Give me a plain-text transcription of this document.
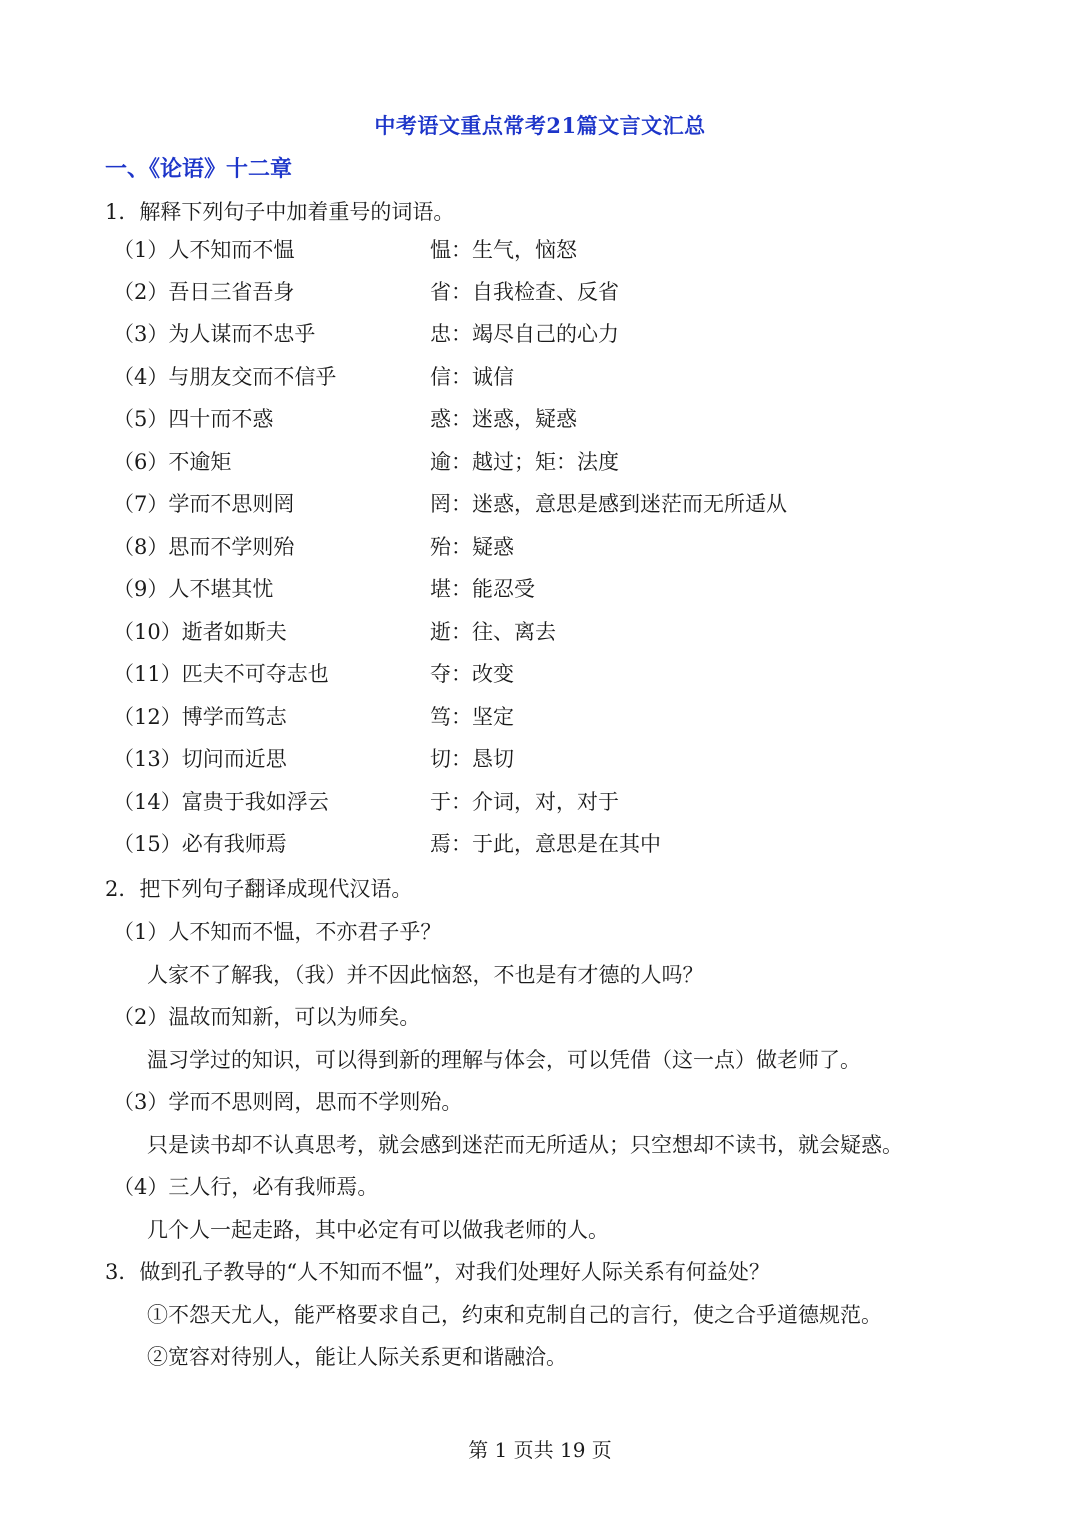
中考语文重点常考21篇文言文汇总
一、《论语》十二章
1．解释下列句子中加着重号的词语。
（1）人不知而不愠	愠：生气，恼怒
（2）吾日三省吾身	省：自我检查、反省
（3）为人谋而不忠乎	忠：竭尽自己的心力
（4）与朋友交而不信乎	信：诚信
（5）四十而不惑	惑：迷惑，疑惑
（6）不逾矩	逾：越过；矩：法度
（7）学而不思则罔	罔：迷惑，意思是感到迷茫而无所适从
（8）思而不学则殆	殆：疑惑
（9）人不堪其忧	堪：能忍受
（10）逝者如斯夫	逝：往、离去
（11）匹夫不可夺志也	夺：改变
（12）博学而笃志	笃：坚定
（13）切问而近思	切：恳切
（14）富贵于我如浮云	于：介词，对，对于
（15）必有我师焉	焉：于此，意思是在其中
2．把下列句子翻译成现代汉语。
（1）人不知而不愠，不亦君子乎？
人家不了解我，（我）并不因此恼怒，不也是有才德的人吗？
（2）温故而知新，可以为师矣。
温习学过的知识，可以得到新的理解与体会，可以凭借（这一点）做老师了。
（3）学而不思则罔，思而不学则殆。
只是读书却不认真思考，就会感到迷茫而无所适从；只空想却不读书，就会疑惑。
（4）三人行，必有我师焉。
几个人一起走路，其中必定有可以做我老师的人。
3．做到孔子教导的“人不知而不愠”，对我们处理好人际关系有何益处？
①不怨天尤人，能严格要求自己，约束和克制自己的言行，使之合乎道德规范。
②宽容对待别人，能让人际关系更和谐融洽。
第 1 页共 19 页
